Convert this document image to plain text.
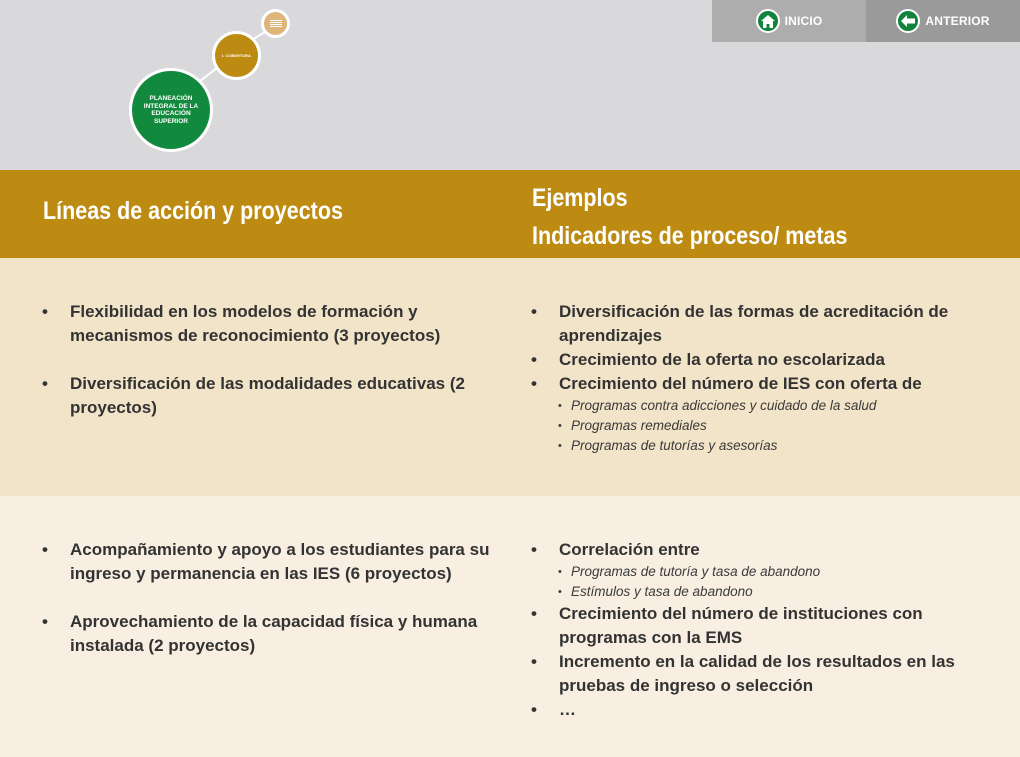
I. COBERTURA
PLANEACIÓN INTEGRAL DE LA EDUCACIÓN SUPERIOR
INICIO	ANTERIOR
Líneas de acción y proyectos	Ejemplos
Indicadores de proceso/ metas
• Flexibilidad en los modelos de formación y mecanismos de reconocimiento (3 proyectos)
• Diversificación de las modalidades educativas (2 proyectos)
• Diversificación de las formas de acreditación de aprendizajes
• Crecimiento de la oferta no escolarizada
• Crecimiento del número de IES con oferta de
• Programas contra adicciones y cuidado de la salud
• Programas remediales
• Programas de tutorías y asesorías
• Acompañamiento y apoyo a los estudiantes para su ingreso y permanencia en las IES (6 proyectos)
• Aprovechamiento de la capacidad física y humana instalada (2 proyectos)
• Correlación entre
• Programas de tutoría y tasa de abandono
• Estímulos y tasa de abandono
• Crecimiento del número de instituciones con programas con la EMS
• Incremento en la calidad de los resultados en las pruebas de ingreso o selección
• …
